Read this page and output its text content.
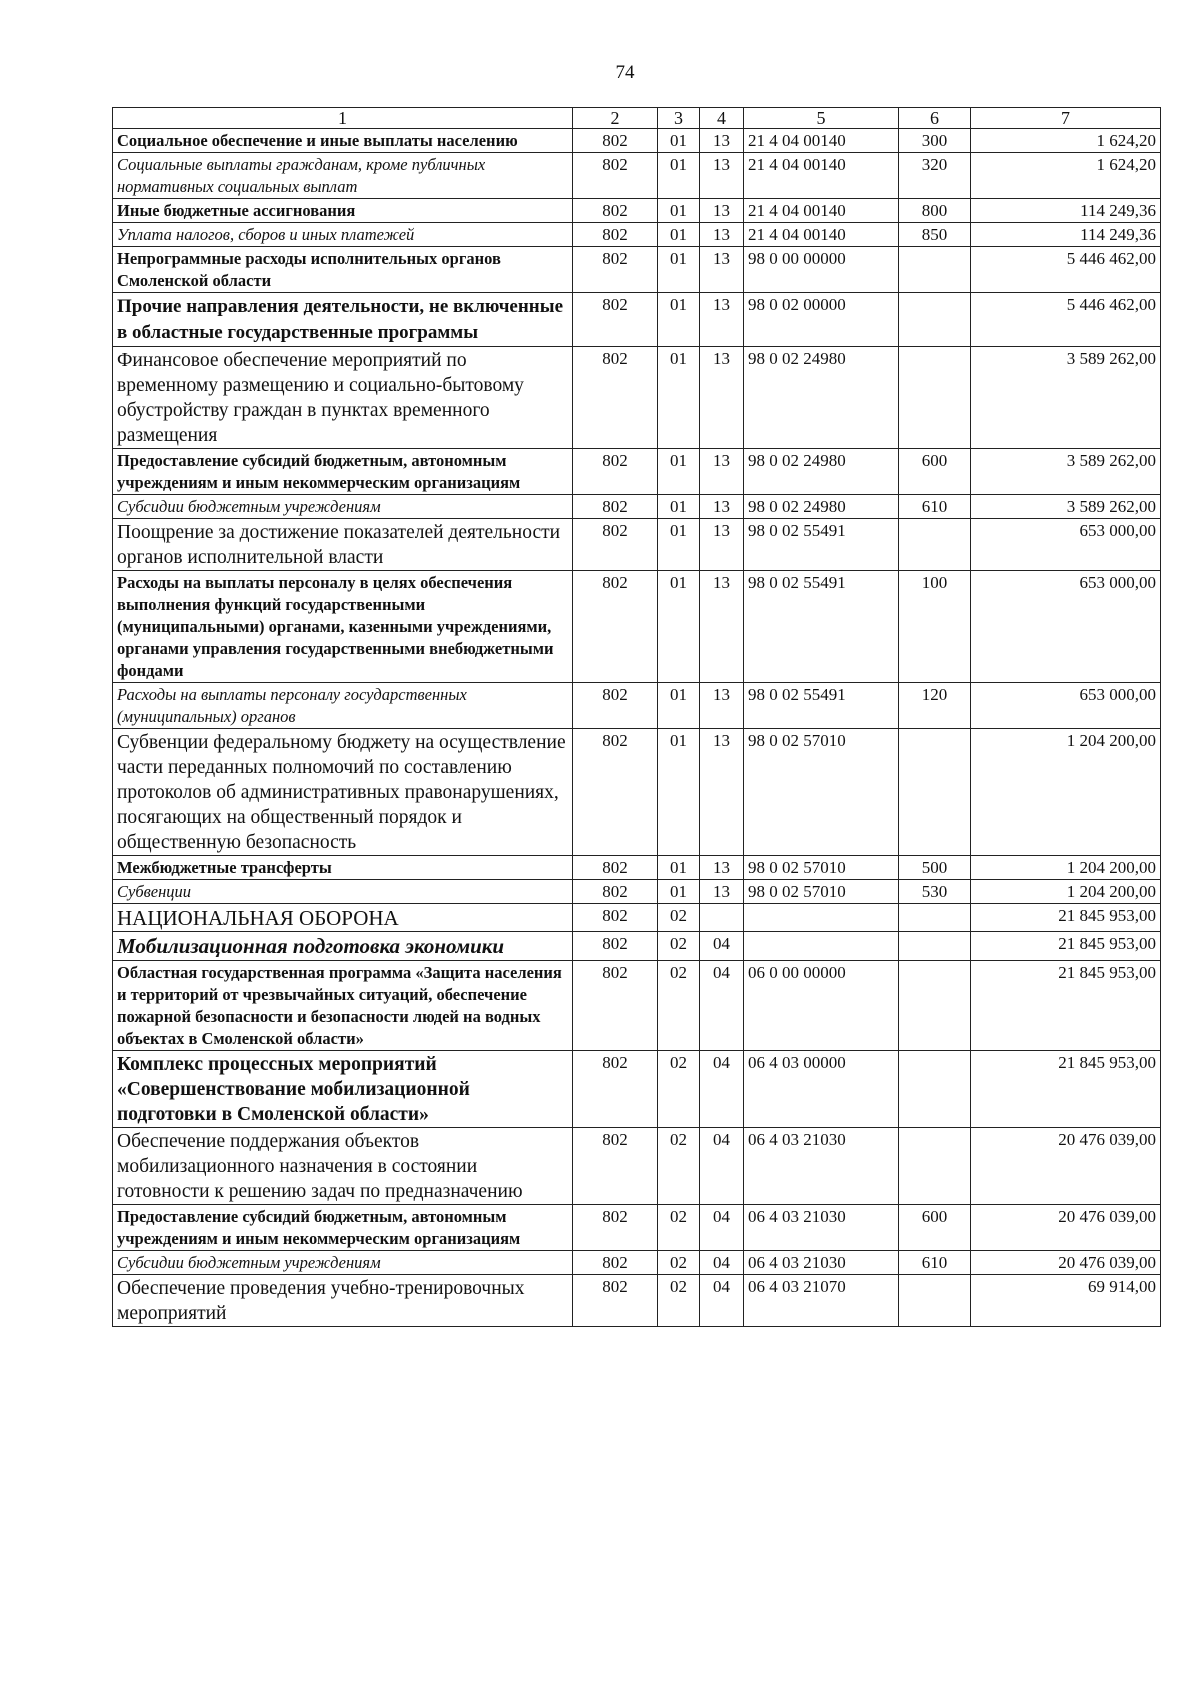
74
1	2	3	4	5	6	7
Социальное обеспечение и иные выплаты населению	802	01	13	21 4 04 00140	300	1 624,20
Социальные выплаты гражданам, кроме публичных нормативных социальных выплат	802	01	13	21 4 04 00140	320	1 624,20
Иные бюджетные ассигнования	802	01	13	21 4 04 00140	800	114 249,36
Уплата налогов, сборов и иных платежей	802	01	13	21 4 04 00140	850	114 249,36
Непрограммные расходы исполнительных органов Смоленской области	802	01	13	98 0 00 00000		5 446 462,00
Прочие направления деятельности, не включенные в областные государственные программы	802	01	13	98 0 02 00000		5 446 462,00
Финансовое обеспечение мероприятий по временному размещению и социально-бытовому обустройству граждан в пунктах временного размещения	802	01	13	98 0 02 24980		3 589 262,00
Предоставление субсидий бюджетным, автономным учреждениям и иным некоммерческим организациям	802	01	13	98 0 02 24980	600	3 589 262,00
Субсидии бюджетным учреждениям	802	01	13	98 0 02 24980	610	3 589 262,00
Поощрение за достижение показателей деятельности органов исполнительной власти	802	01	13	98 0 02 55491		653 000,00
Расходы на выплаты персоналу в целях обеспечения выполнения функций государственными (муниципальными) органами, казенными учреждениями, органами управления государственными внебюджетными фондами	802	01	13	98 0 02 55491	100	653 000,00
Расходы на выплаты персоналу государственных (муниципальных) органов	802	01	13	98 0 02 55491	120	653 000,00
Субвенции федеральному бюджету на осуществление части переданных полномочий по составлению протоколов об административных правонарушениях, посягающих на общественный порядок и общественную безопасность	802	01	13	98 0 02 57010		1 204 200,00
Межбюджетные трансферты	802	01	13	98 0 02 57010	500	1 204 200,00
Субвенции	802	01	13	98 0 02 57010	530	1 204 200,00
НАЦИОНАЛЬНАЯ ОБОРОНА	802	02				21 845 953,00
Мобилизационная подготовка экономики	802	02	04			21 845 953,00
Областная государственная программа «Защита населения и территорий от чрезвычайных ситуаций, обеспечение пожарной безопасности и безопасности людей на водных объектах в Смоленской области»	802	02	04	06 0 00 00000		21 845 953,00
Комплекс процессных мероприятий «Совершенствование мобилизационной подготовки в Смоленской области»	802	02	04	06 4 03 00000		21 845 953,00
Обеспечение поддержания объектов мобилизационного назначения в состоянии готовности к решению задач по предназначению	802	02	04	06 4 03 21030		20 476 039,00
Предоставление субсидий бюджетным, автономным учреждениям и иным некоммерческим организациям	802	02	04	06 4 03 21030	600	20 476 039,00
Субсидии бюджетным учреждениям	802	02	04	06 4 03 21030	610	20 476 039,00
Обеспечение проведения учебно-тренировочных мероприятий	802	02	04	06 4 03 21070		69 914,00
